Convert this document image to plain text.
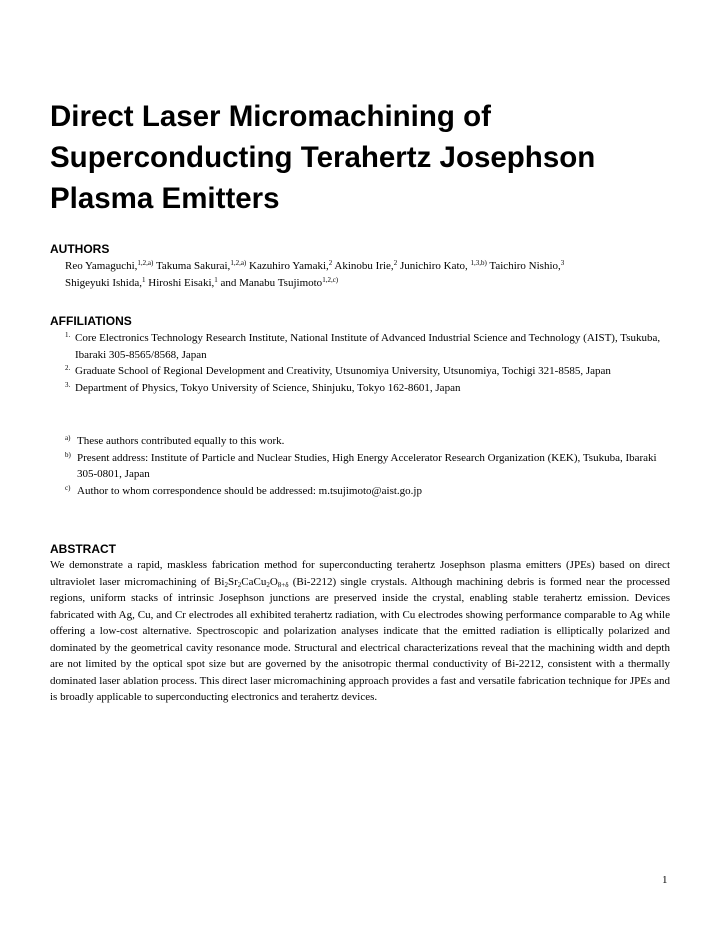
Direct Laser Micromachining of
Superconducting Terahertz Josephson
Plasma Emitters
AUTHORS
Reo Yamaguchi,$^{1,2,a)}$ Takuma Sakurai,$^{1,2,a)}$ Kazuhiro Yamaki,$^2$ Akinobu Irie,$^2$ Junichiro Kato, $^{1,3,b)}$ Taichiro Nishio,$^3$
Shigeyuki Ishida,$^1$ Hiroshi Eisaki,$^1$ and Manabu Tsujimoto$^{1,2,c)}$
AFFILIATIONS
1. Core Electronics Technology Research Institute, National Institute of Advanced Industrial Science and Technology (AIST), Tsukuba, Ibaraki 305-8565/8568, Japan
2. Graduate School of Regional Development and Creativity, Utsunomiya University, Utsunomiya, Tochigi 321-8585, Japan
3. Department of Physics, Tokyo University of Science, Shinjuku, Tokyo 162-8601, Japan
a) These authors contributed equally to this work.
b) Present address: Institute of Particle and Nuclear Studies, High Energy Accelerator Research Organization (KEK), Tsukuba, Ibaraki 305-0801, Japan
c) Author to whom correspondence should be addressed: m.tsujimoto@aist.go.jp
ABSTRACT

We demonstrate a rapid, maskless fabrication method for superconducting terahertz Josephson plasma emitters (JPEs) based on direct ultraviolet laser micromachining of $Bi_2Sr_2CaCu_2O_{8+\delta}$ (Bi-2212) single crystals. Although machining debris is formed near the processed regions, uniform stacks of intrinsic Josephson junctions are preserved inside the crystal, enabling stable terahertz emission. Devices fabricated with Ag, Cu, and Cr electrodes all exhibited terahertz radiation, with Cu electrodes showing performance comparable to Ag while offering a low-cost alternative. Spectroscopic and polarization analyses indicate that the emitted radiation is elliptically polarized and dominated by the geometrical cavity resonance mode. Structural and electrical characterizations reveal that the machining width and depth are not limited by the optical spot size but are governed by the anisotropic thermal conductivity of Bi-2212, consistent with a thermally dominated laser ablation process. This direct laser micromachining approach provides a fast and versatile fabrication technique for JPEs and is broadly applicable to superconducting electronics and terahertz devices.

1
